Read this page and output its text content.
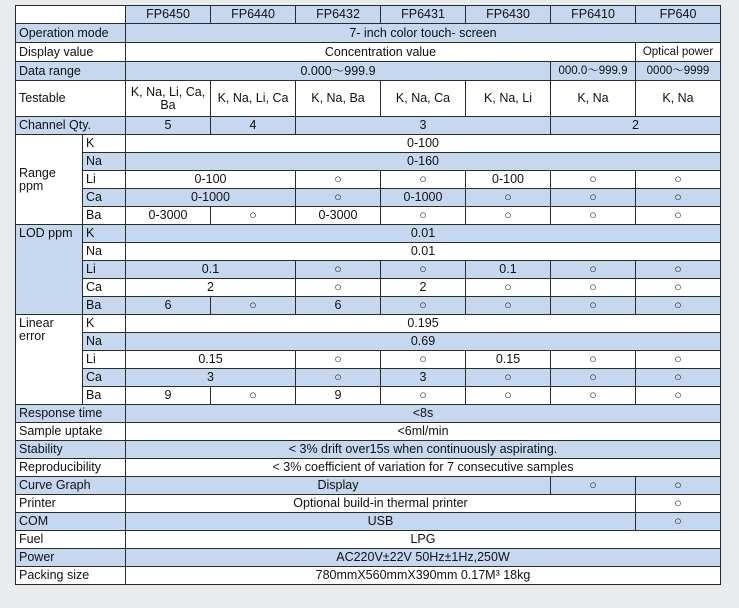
		FP6450	FP6440	FP6432	FP6431	FP6430	FP6410	FP640
Operation mode		7- inch color touch- screen						
Display value		Concentration value						Optical power
Data range		0.000～999.9					000.0～999.9	0000～9999
Testable		K, Na, Li, Ca, Ba	K, Na, Li, Ca	K, Na, Ba	K, Na, Ca	K, Na, Li	K, Na	K, Na
Channel Qty.		5	4	3			2	
Range ppm	K	0-100						
	Na	0-160						
	Li	0-100		○	○	0-100	○	○
	Ca	0-1000		○	0-1000	○	○	○
	Ba	0-3000	○	0-3000	○	○	○	○
LOD ppm	K	0.01						
	Na	0.01						
	Li	0.1		○	○	0.1	○	○
	Ca	2		○	2	○	○	○
	Ba	6	○	6	○	○	○	○
Linear error	K	0.195						
	Na	0.69						
	Li	0.15		○	○	0.15	○	○
	Ca	3		○	3	○	○	○
	Ba	9	○	9	○	○	○	○
Response time		<8s						
Sample uptake		<6ml/min						
Stability		< 3% drift over15s when continuously aspirating.						
Reproducibility		< 3% coefficient of variation for 7 consecutive samples						
Curve Graph		Display					○	○
Printer		Optional build-in thermal printer						○
COM		USB						○
Fuel		LPG						
Power		AC220V±22V 50Hz±1Hz,250W						
Packing size		780mmX560mmX390mm 0.17M³ 18kg						
